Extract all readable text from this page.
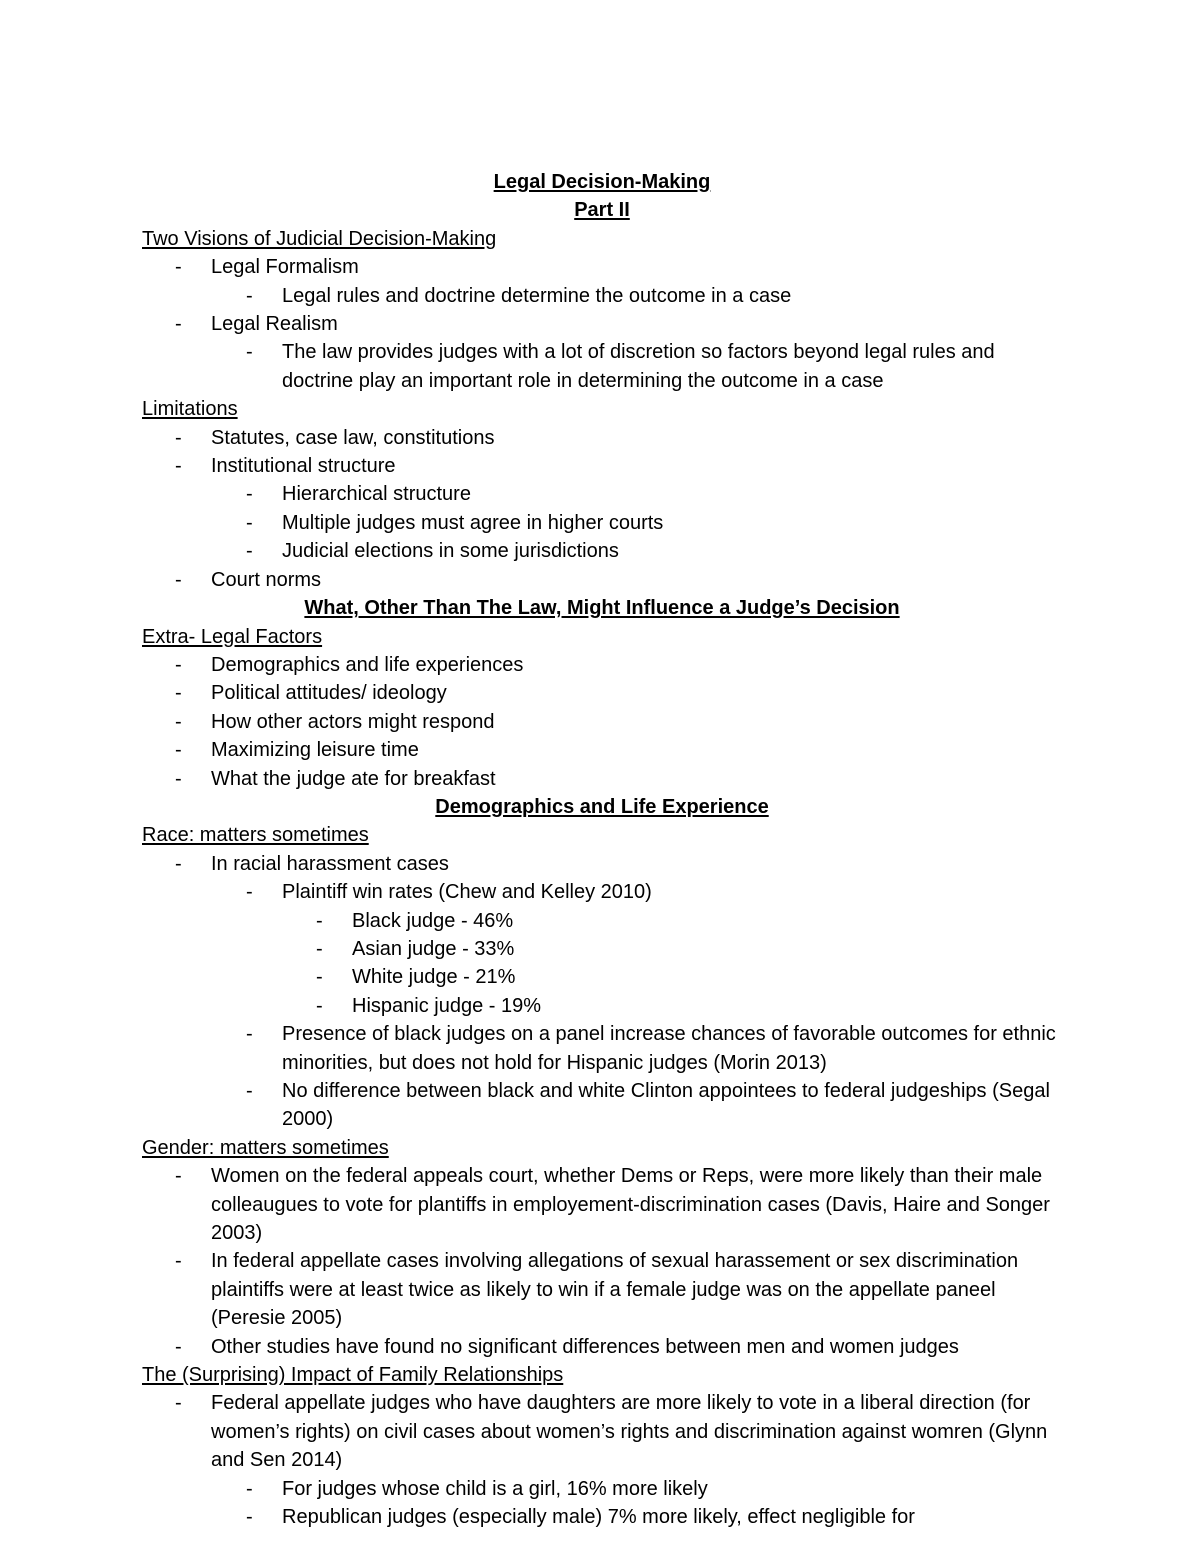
Legal Decision-Making
Part II
Two Visions of Judicial Decision-Making
- Legal Formalism
- Legal rules and doctrine determine the outcome in a case
- Legal Realism
- The law provides judges with a lot of discretion so factors beyond legal rules and doctrine play an important role in determining the outcome in a case
Limitations
- Statutes, case law, constitutions
- Institutional structure
- Hierarchical structure
- Multiple judges must agree in higher courts
- Judicial elections in some jurisdictions
- Court norms
What, Other Than The Law, Might Influence a Judge’s Decision
Extra- Legal Factors
- Demographics and life experiences
- Political attitudes/ ideology
- How other actors might respond
- Maximizing leisure time
- What the judge ate for breakfast
Demographics and Life Experience
Race: matters sometimes
- In racial harassment cases
- Plaintiff win rates (Chew and Kelley 2010)
- Black judge - 46%
- Asian judge - 33%
- White judge - 21%
- Hispanic judge - 19%
- Presence of black judges on a panel increase chances of favorable outcomes for ethnic minorities, but does not hold for Hispanic judges (Morin 2013)
- No difference between black and white Clinton appointees to federal judgeships (Segal 2000)
Gender: matters sometimes
- Women on the federal appeals court, whether Dems or Reps, were more likely than their male colleaugues to vote for plantiffs in employement-discrimination cases (Davis, Haire and Songer 2003)
- In federal appellate cases involving allegations of sexual harassement or sex discrimination plaintiffs were at least twice as likely to win if a female judge was on the appellate paneel (Peresie 2005)
- Other studies have found no significant differences between men and women judges
The (Surprising) Impact of Family Relationships
- Federal appellate judges who have daughters are more likely to vote in a liberal direction (for women’s rights) on civil cases about women’s rights and discrimination against womren (Glynn and Sen 2014)
- For judges whose child is a girl, 16% more likely
- Republican judges (especially male) 7% more likely, effect negligible for
